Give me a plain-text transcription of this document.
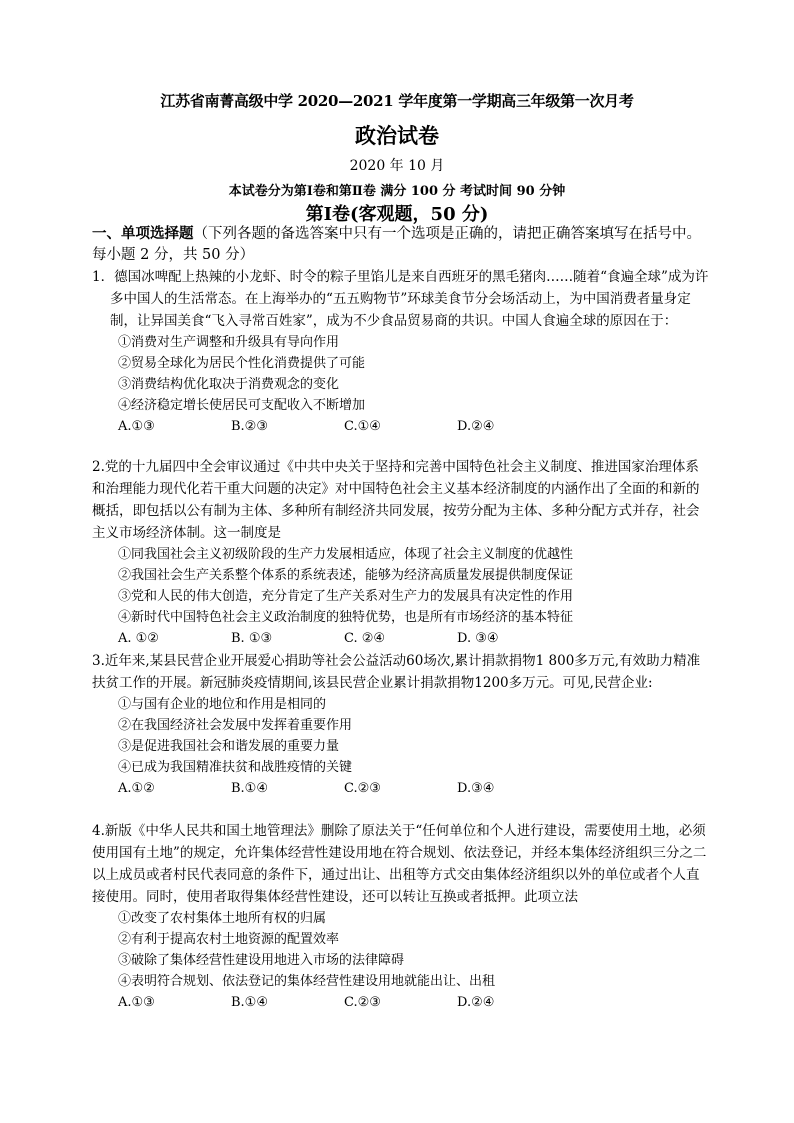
江苏省南菁高级中学 2020—2021 学年度第一学期高三年级第一次月考
政治试卷
2020 年 10 月
本试卷分为第Ⅰ卷和第Ⅱ卷 满分 100 分 考试时间 90 分钟
第Ⅰ卷(客观题，50 分)
一、单项选择题（下列各题的备选答案中只有一个选项是正确的，请把正确答案填写在括号中。每小题 2 分，共 50 分）
1．德国冰啤配上热辣的小龙虾、时令的粽子里馅儿是来自西班牙的黑毛猪肉……随着“食遍全球”成为许多中国人的生活常态。在上海举办的“五五购物节”环球美食节分会场活动上，为中国消费者量身定制，让异国美食“飞入寻常百姓家”，成为不少食品贸易商的共识。中国人食遍全球的原因在于：
①消费对生产调整和升级具有导向作用
②贸易全球化为居民个性化消费提供了可能
③消费结构优化取决于消费观念的变化
④经济稳定增长使居民可支配收入不断增加
A.①③	B.②③	C.①④	D.②④
2.党的十九届四中全会审议通过《中共中央关于坚持和完善中国特色社会主义制度、推进国家治理体系和治理能力现代化若干重大问题的决定》对中国特色社会主义基本经济制度的内涵作出了全面的和新的概括，即包括以公有制为主体、多种所有制经济共同发展，按劳分配为主体、多种分配方式并存，社会主义市场经济体制。这一制度是
①同我国社会主义初级阶段的生产力发展相适应，体现了社会主义制度的优越性
②我国社会生产关系整个体系的系统表述，能够为经济高质量发展提供制度保证
③党和人民的伟大创造，充分肯定了生产关系对生产力的发展具有决定性的作用
④新时代中国特色社会主义政治制度的独特优势，也是所有市场经济的基本特征
A. ①②	B. ①③	C. ②④	D. ③④
3.近年来,某县民营企业开展爱心捐助等社会公益活动60场次,累计捐款捐物1 800多万元,有效助力精准扶贫工作的开展。新冠肺炎疫情期间,该县民营企业累计捐款捐物1200多万元。可见,民营企业:
①与国有企业的地位和作用是相同的
②在我国经济社会发展中发挥着重要作用
③是促进我国社会和谐发展的重要力量
④已成为我国精准扶贫和战胜疫情的关键
A.①②	B.①④	C.②③	D.③④
4.新版《中华人民共和国土地管理法》删除了原法关于“任何单位和个人进行建设，需要使用土地，必须使用国有土地”的规定，允许集体经营性建设用地在符合规划、依法登记，并经本集体经济组织三分之二以上成员或者村民代表同意的条件下，通过出让、出租等方式交由集体经济组织以外的单位或者个人直接使用。同时，使用者取得集体经营性建设，还可以转让互换或者抵押。此项立法
①改变了农村集体土地所有权的归属
②有利于提高农村土地资源的配置效率
③破除了集体经营性建设用地进入市场的法律障碍
④表明符合规划、依法登记的集体经营性建设用地就能出让、出租
A.①③	B.①④	C.②③	D.②④
